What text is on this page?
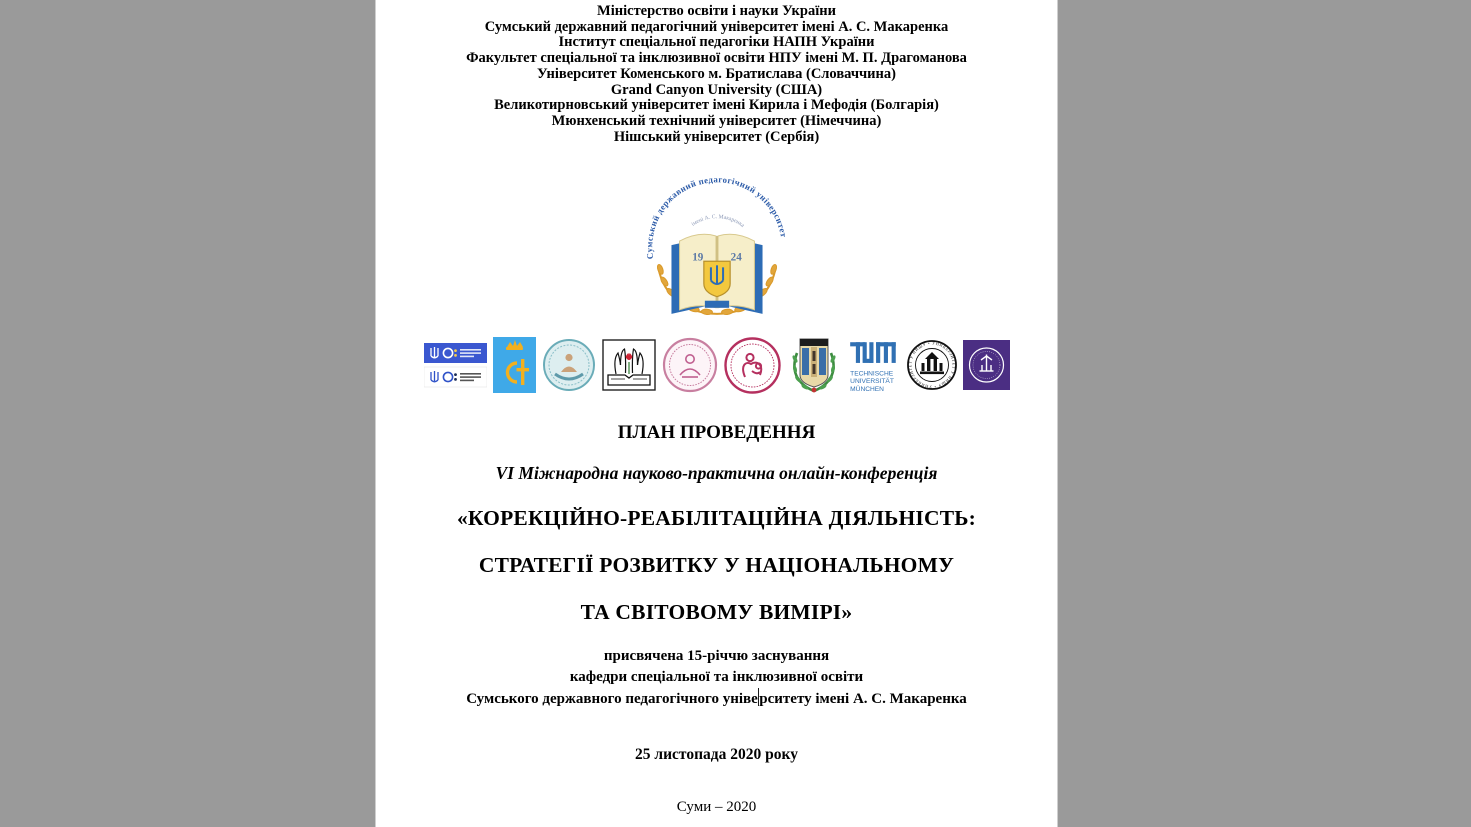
Міністерство освіти і науки України
Сумський державний педагогічний університет імені А. С. Макаренка
Інститут спеціальної педагогіки НАПН України
Факультет спеціальної та інклюзивної освіти НПУ імені М. П. Драгоманова
Університет Коменського м. Братислава (Словаччина)
Grand Canyon University (США)
Великотирновський університет імені Кирила і Мефодія (Болгарія)
Мюнхенський технічний університет (Німеччина)
Нішський університет (Сербія)
Сумський державний педагогічний університет
імені А. С. Макаренка
19 24
TECHNISCHE
UNIVERSITÄT
MÜNCHEN	УНИВЕРЗИТЕТ У НИШУ • УНИВЕРЗИТЕТ У НИШУ •
ПЛАН ПРОВЕДЕННЯ
VI Міжнародна науково-практична онлайн-конференція
«КОРЕКЦІЙНО-РЕАБІЛІТАЦІЙНА ДІЯЛЬНІСТЬ:
СТРАТЕГІЇ РОЗВИТКУ У НАЦІОНАЛЬНОМУ
ТА СВІТОВОМУ ВИМІРІ»
присвячена 15-річчю заснування
кафедри спеціальної та інклюзивної освіти
Сумського державного педагогічного уніве рситету імені А. С. Макаренка
25 листопада 2020 року
Суми – 2020
